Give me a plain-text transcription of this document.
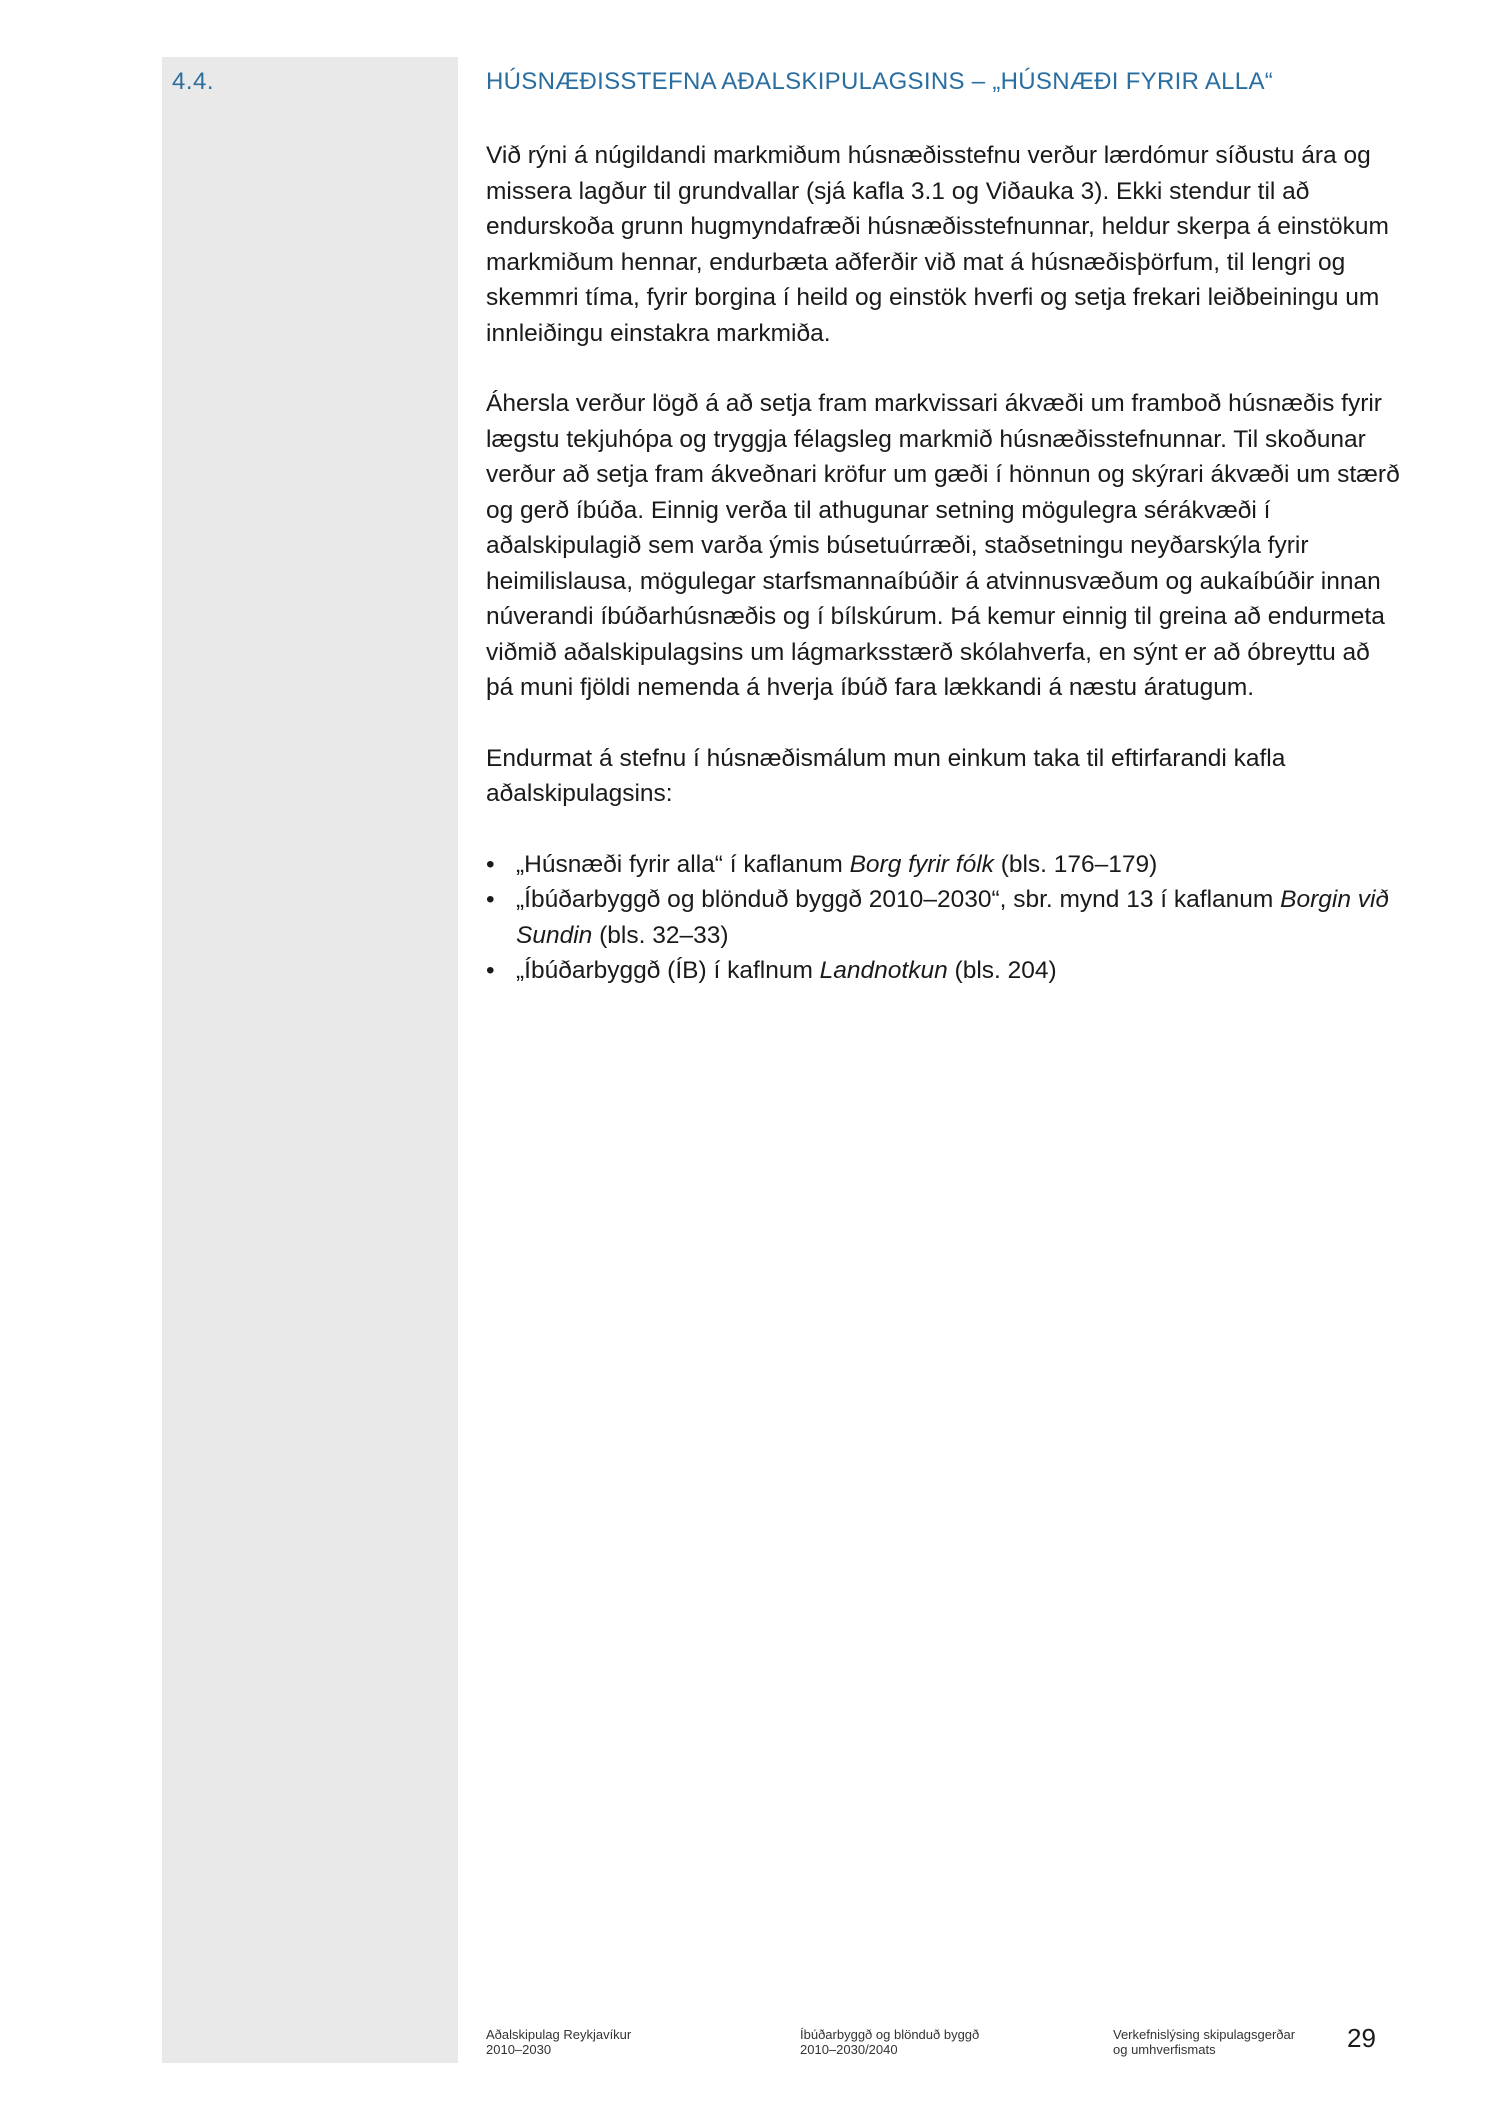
4.4.	HÚSNÆÐISSTEFNA AÐALSKIPULAGSINS – „HÚSNÆÐI FYRIR ALLA“

Við rýni á núgildandi markmiðum húsnæðisstefnu verður lærdómur síðustu ára og missera lagður til grundvallar (sjá kafla 3.1 og Viðauka 3). Ekki stendur til að endurskoða grunn hugmyndafræði húsnæðisstefnunnar, heldur skerpa á einstökum markmiðum hennar, endurbæta aðferðir við mat á húsnæðisþörfum, til lengri og skemmri tíma, fyrir borgina í heild og einstök hverfi og setja frekari leiðbeiningu um innleiðingu einstakra markmiða.

Áhersla verður lögð á að setja fram markvissari ákvæði um framboð húsnæðis fyrir lægstu tekjuhópa og tryggja félagsleg markmið húsnæðisstefnunnar. Til skoðunar verður að setja fram ákveðnari kröfur um gæði í hönnun og skýrari ákvæði um stærð og gerð íbúða. Einnig verða til athugunar setning mögulegra sérákvæði í aðalskipulagið sem varða ýmis búsetuúrræði, staðsetningu neyðarskýla fyrir heimilislausa, mögulegar starfsmannaíbúðir á atvinnusvæðum og aukaíbúðir innan núverandi íbúðarhúsnæðis og í bílskúrum. Þá kemur einnig til greina að endurmeta viðmið aðalskipulagsins um lágmarksstærð skólahverfa, en sýnt er að óbreyttu að þá muni fjöldi nemenda á hverja íbúð fara lækkandi á næstu áratugum.

Endurmat á stefnu í húsnæðismálum mun einkum taka til eftirfarandi kafla aðalskipulagsins:

• „Húsnæði fyrir alla“ í kaflanum Borg fyrir fólk (bls. 176–179)
• „Íbúðarbyggð og blönduð byggð 2010–2030“, sbr. mynd 13 í kaflanum Borgin við Sundin (bls. 32–33)
• „Íbúðarbyggð (ÍB) í kaflnum Landnotkun (bls. 204)
Aðalskipulag Reykjavíkur
2010–2030
Íbúðarbyggð og blönduð byggð
2010–2030/2040
Verkefnislýsing skipulagsgerðar
og umhverfismats	29
